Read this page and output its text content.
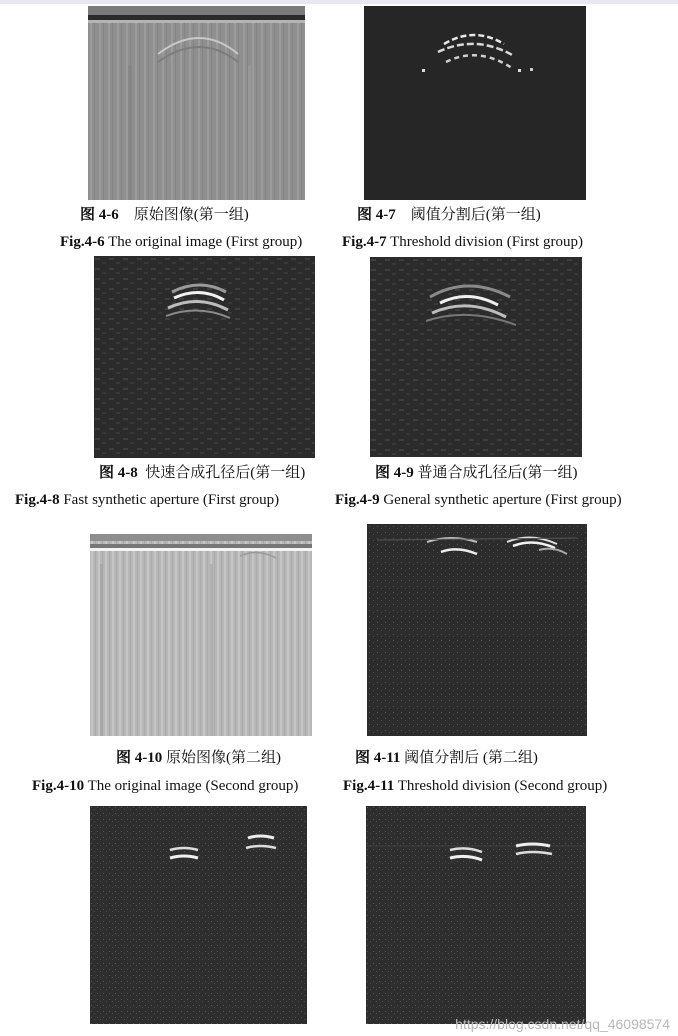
图 4-6 原始图像(第一组)	图 4-7 阈值分割后(第一组)
Fig.4-6 The original image (First group)	Fig.4-7 Threshold division (First group)
图 4-8 快速合成孔径后(第一组)	图 4-9 普通合成孔径后(第一组)
Fig.4-8 Fast synthetic aperture (First group)	Fig.4-9 General synthetic aperture (First group)
图 4-10 原始图像(第二组)	图 4-11 阈值分割后 (第二组)
Fig.4-10 The original image (Second group)	Fig.4-11 Threshold division (Second group)
https://blog.csdn.net/qq_46098574
